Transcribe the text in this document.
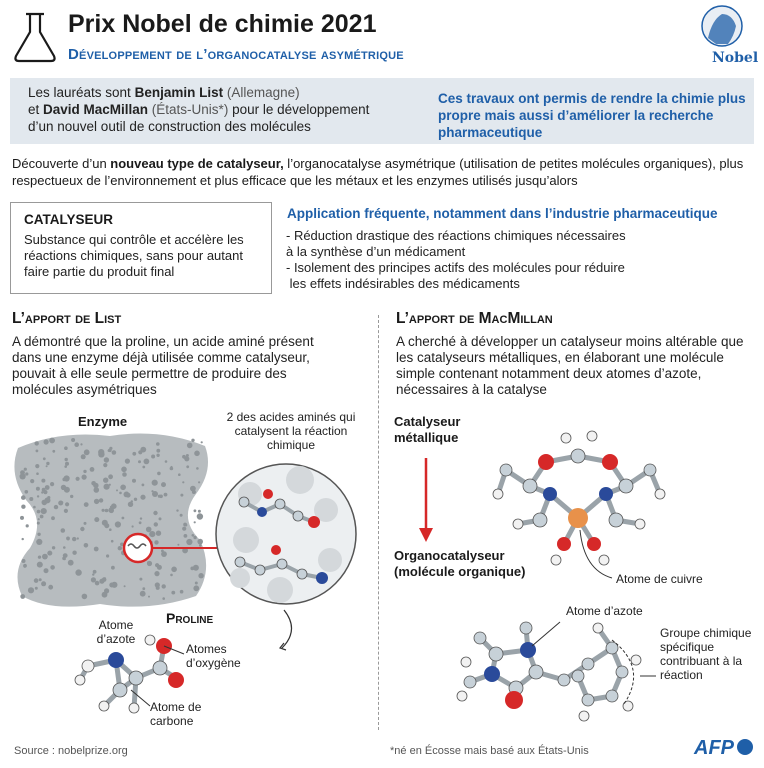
Prix Nobel de chimie 2021
Développement de l’organocatalyse asymétrique	Nobel
Les lauréats sont Benjamin List (Allemagne)
et David MacMillan (États-Unis*) pour le développement
d’un nouvel outil de construction des molécules
Ces travaux ont permis de rendre la chimie plus propre mais aussi d’améliorer la recherche pharmaceutique
Découverte d’un nouveau type de catalyseur, l’organocatalyse asymétrique (utilisation de petites molécules organiques), plus respectueux de l’environnement et plus efficace que les métaux et les enzymes utilisés jusqu’alors
CATALYSEUR
Substance qui contrôle et accélère les réactions chimiques, sans pour autant faire partie du produit final
Application fréquente, notamment dans l’industrie pharmaceutique
- Réduction drastique des réactions chimiques nécessaires
à la synthèse d’un médicament
- Isolement des principes actifs des molécules pour réduire
les effets indésirables des médicaments
L’apport de List
A démontré que la proline, un acide aminé présent dans une enzyme déjà utilisée comme catalyseur, pouvait à elle seule permettre de produire des molécules asymétriques
Enzyme	2 des acides aminés qui catalysent la réaction chimique
Proline
Atome d’azote
Atomes d’oxygène
Atome de carbone
L’apport de MacMillan
A cherché à développer un catalyseur moins altérable que les catalyseurs métalliques, en élaborant une molécule simple contenant notamment deux atomes d’azote, nécessaires à la catalyse
Catalyseur métallique
Organocatalyseur (molécule organique)	Atome de cuivre
Atome d’azote
Groupe chimique spécifique contribuant à la réaction
Source : nobelprize.org	*né en Écosse mais basé aux États-Unis	AFP
